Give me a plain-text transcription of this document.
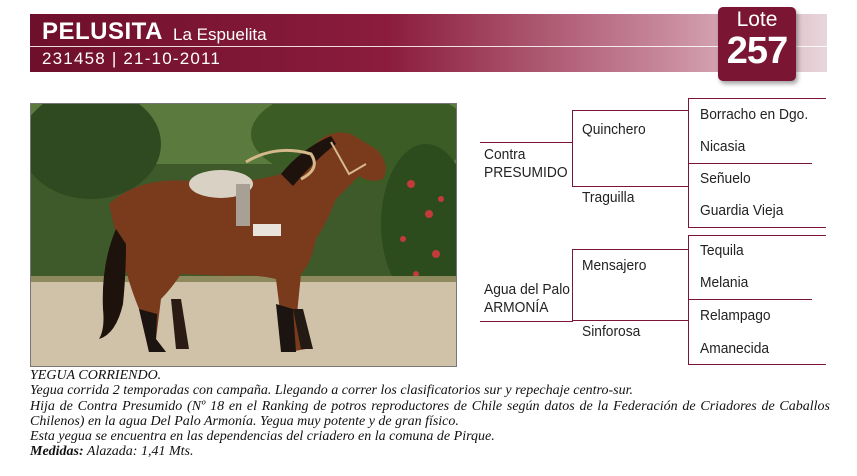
PELUSITA La Espuelita
231458 | 21-10-2011
Lote
257
Contra
PRESUMIDO
Agua del Palo
ARMONÍA
Quinchero
Traguilla
Mensajero
Sinforosa
Borracho en Dgo.
Nicasia
Señuelo
Guardia Vieja
Tequila
Melania
Relampago
Amanecida
YEGUA CORRIENDO.
Yegua corrida 2 temporadas con campaña. Llegando a correr los clasificatorios sur y repechaje centro-sur.
Hija de Contra Presumido (Nº 18 en el Ranking de potros reproductores de Chile según datos de la Federación de Criadores de Caballos Chilenos) en la agua Del Palo Armonía. Yegua muy potente y de gran físico.
Esta yegua se encuentra en las dependencias del criadero en la comuna de Pirque.
Medidas: Alazada: 1,41 Mts.
